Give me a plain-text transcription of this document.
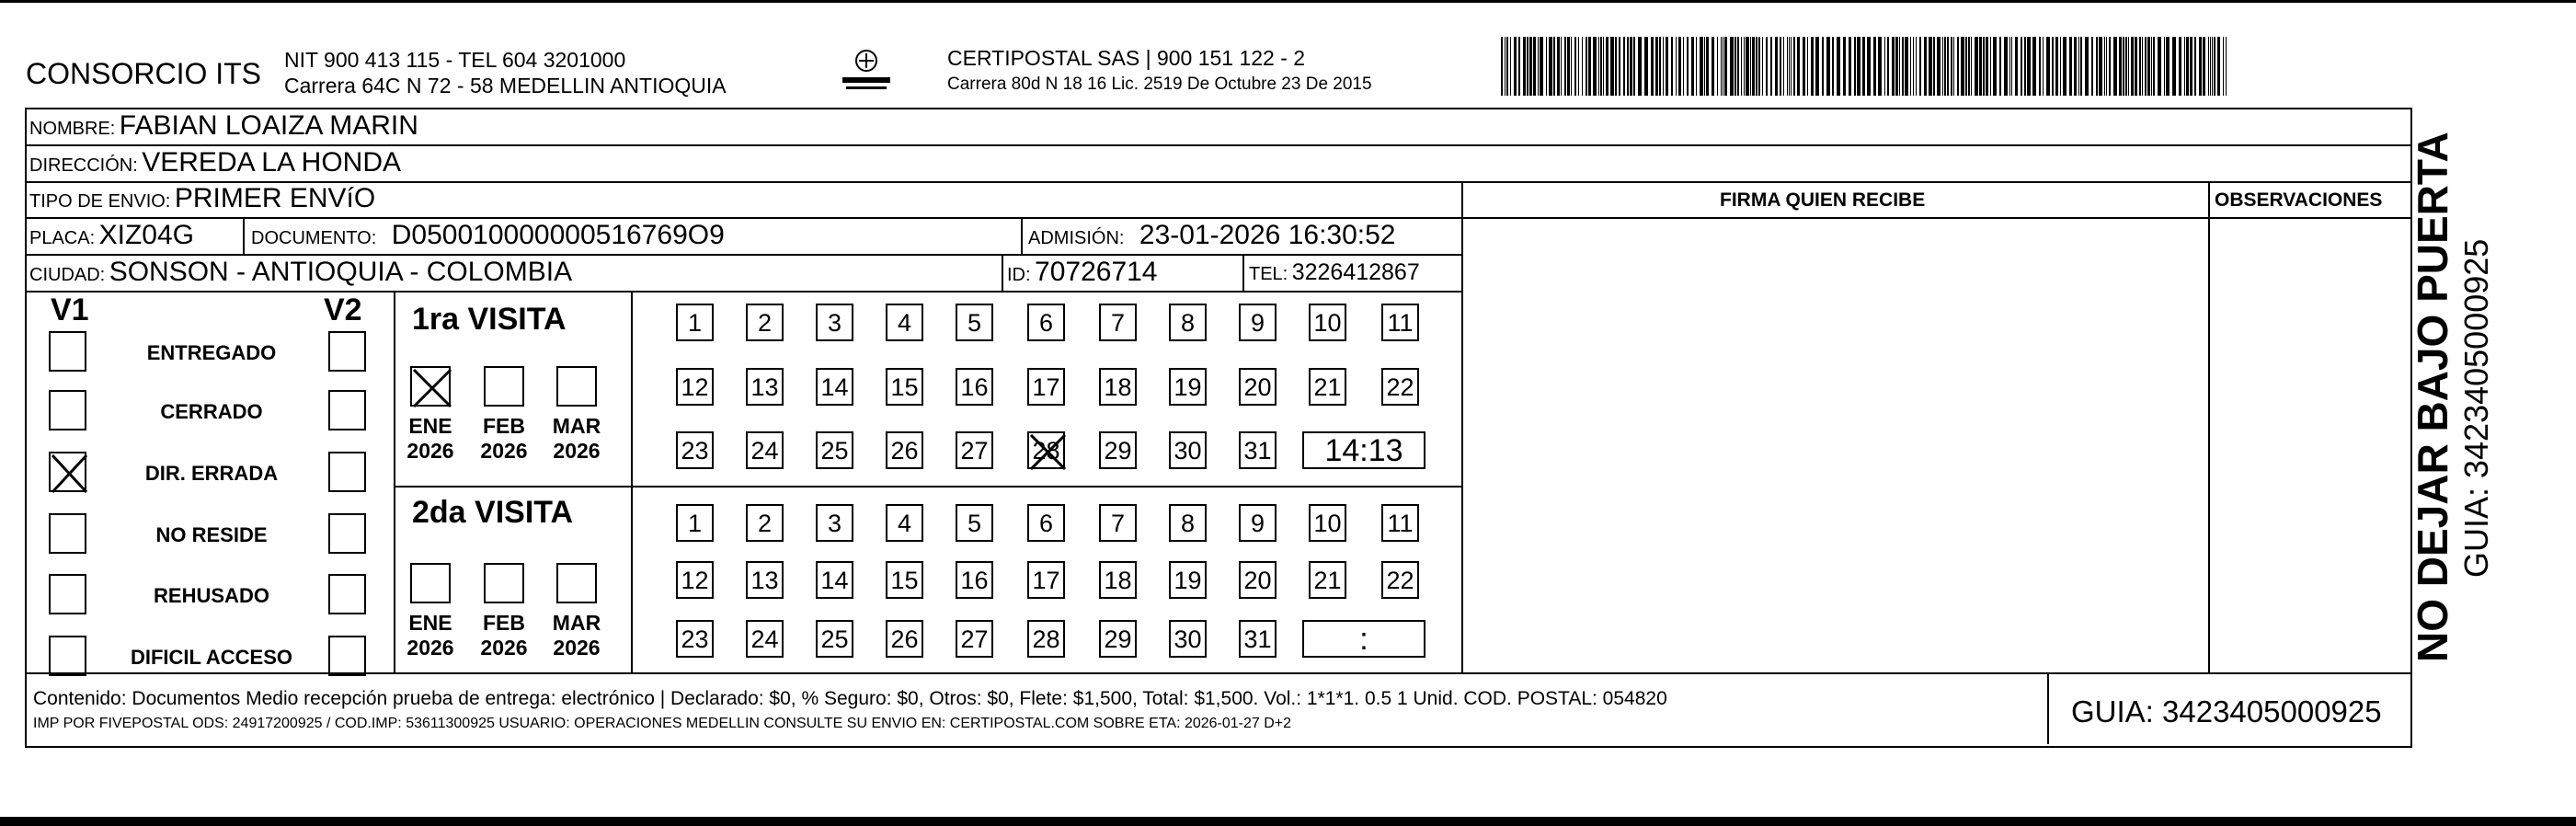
CONSORCIO ITS NIT 900 413 115 - TEL 604 3201000
Carrera 64C N 72 - 58 MEDELLIN ANTIOQUIA
CERTIPOSTAL SAS | 900 151 122 - 2
Carrera 80d N 18 16 Lic. 2519 De Octubre 23 De 2015
NOMBRE: FABIAN LOAIZA MARIN
DIRECCIÓN: VEREDA LA HONDA
TIPO DE ENVIO: PRIMER ENVíO	FIRMA QUIEN RECIBE	OBSERVACIONES
PLACA: XIZ04G	DOCUMENTO: D050010000000516769O9	ADMISIÓN: 23-01-2026 16:30:52
CIUDAD: SONSON - ANTIOQUIA - COLOMBIA	ID: 70726714	TEL: 3226412867
V1	V2
ENTREGADO
CERRADO
DIR. ERRADA
NO RESIDE
REHUSADO
DIFICIL ACCESO
1ra VISITA
2da VISITA
ENE
2026
FEB
2026
MAR
2026
ENE
2026
FEB
2026
MAR
2026
1	2	3	4	5	6	7	8	9	10 11
12 13 14 15 16 17 18 19 20 21 22
23 24 25 26 27 28 29 30 31	14:13
1	2	3	4	5	6	7	8	9	10 11
12 13 14 15 16 17 18 19 20 21 22
23 24 25 26 27 28 29 30 31	:
Contenido: Documentos Medio recepción prueba de entrega: electrónico | Declarado: $0, % Seguro: $0, Otros: $0, Flete: $1,500, Total: $1,500. Vol.: 1*1*1. 0.5 1 Unid. COD. POSTAL: 054820
IMP POR FIVEPOSTAL ODS: 24917200925 / COD.IMP: 53611300925 USUARIO: OPERACIONES MEDELLIN CONSULTE SU ENVIO EN: CERTIPOSTAL.COM SOBRE ETA: 2026-01-27 D+2	GUIA: 3423405000925
NO DEJAR BAJO PUERTA GUIA: 3423405000925
